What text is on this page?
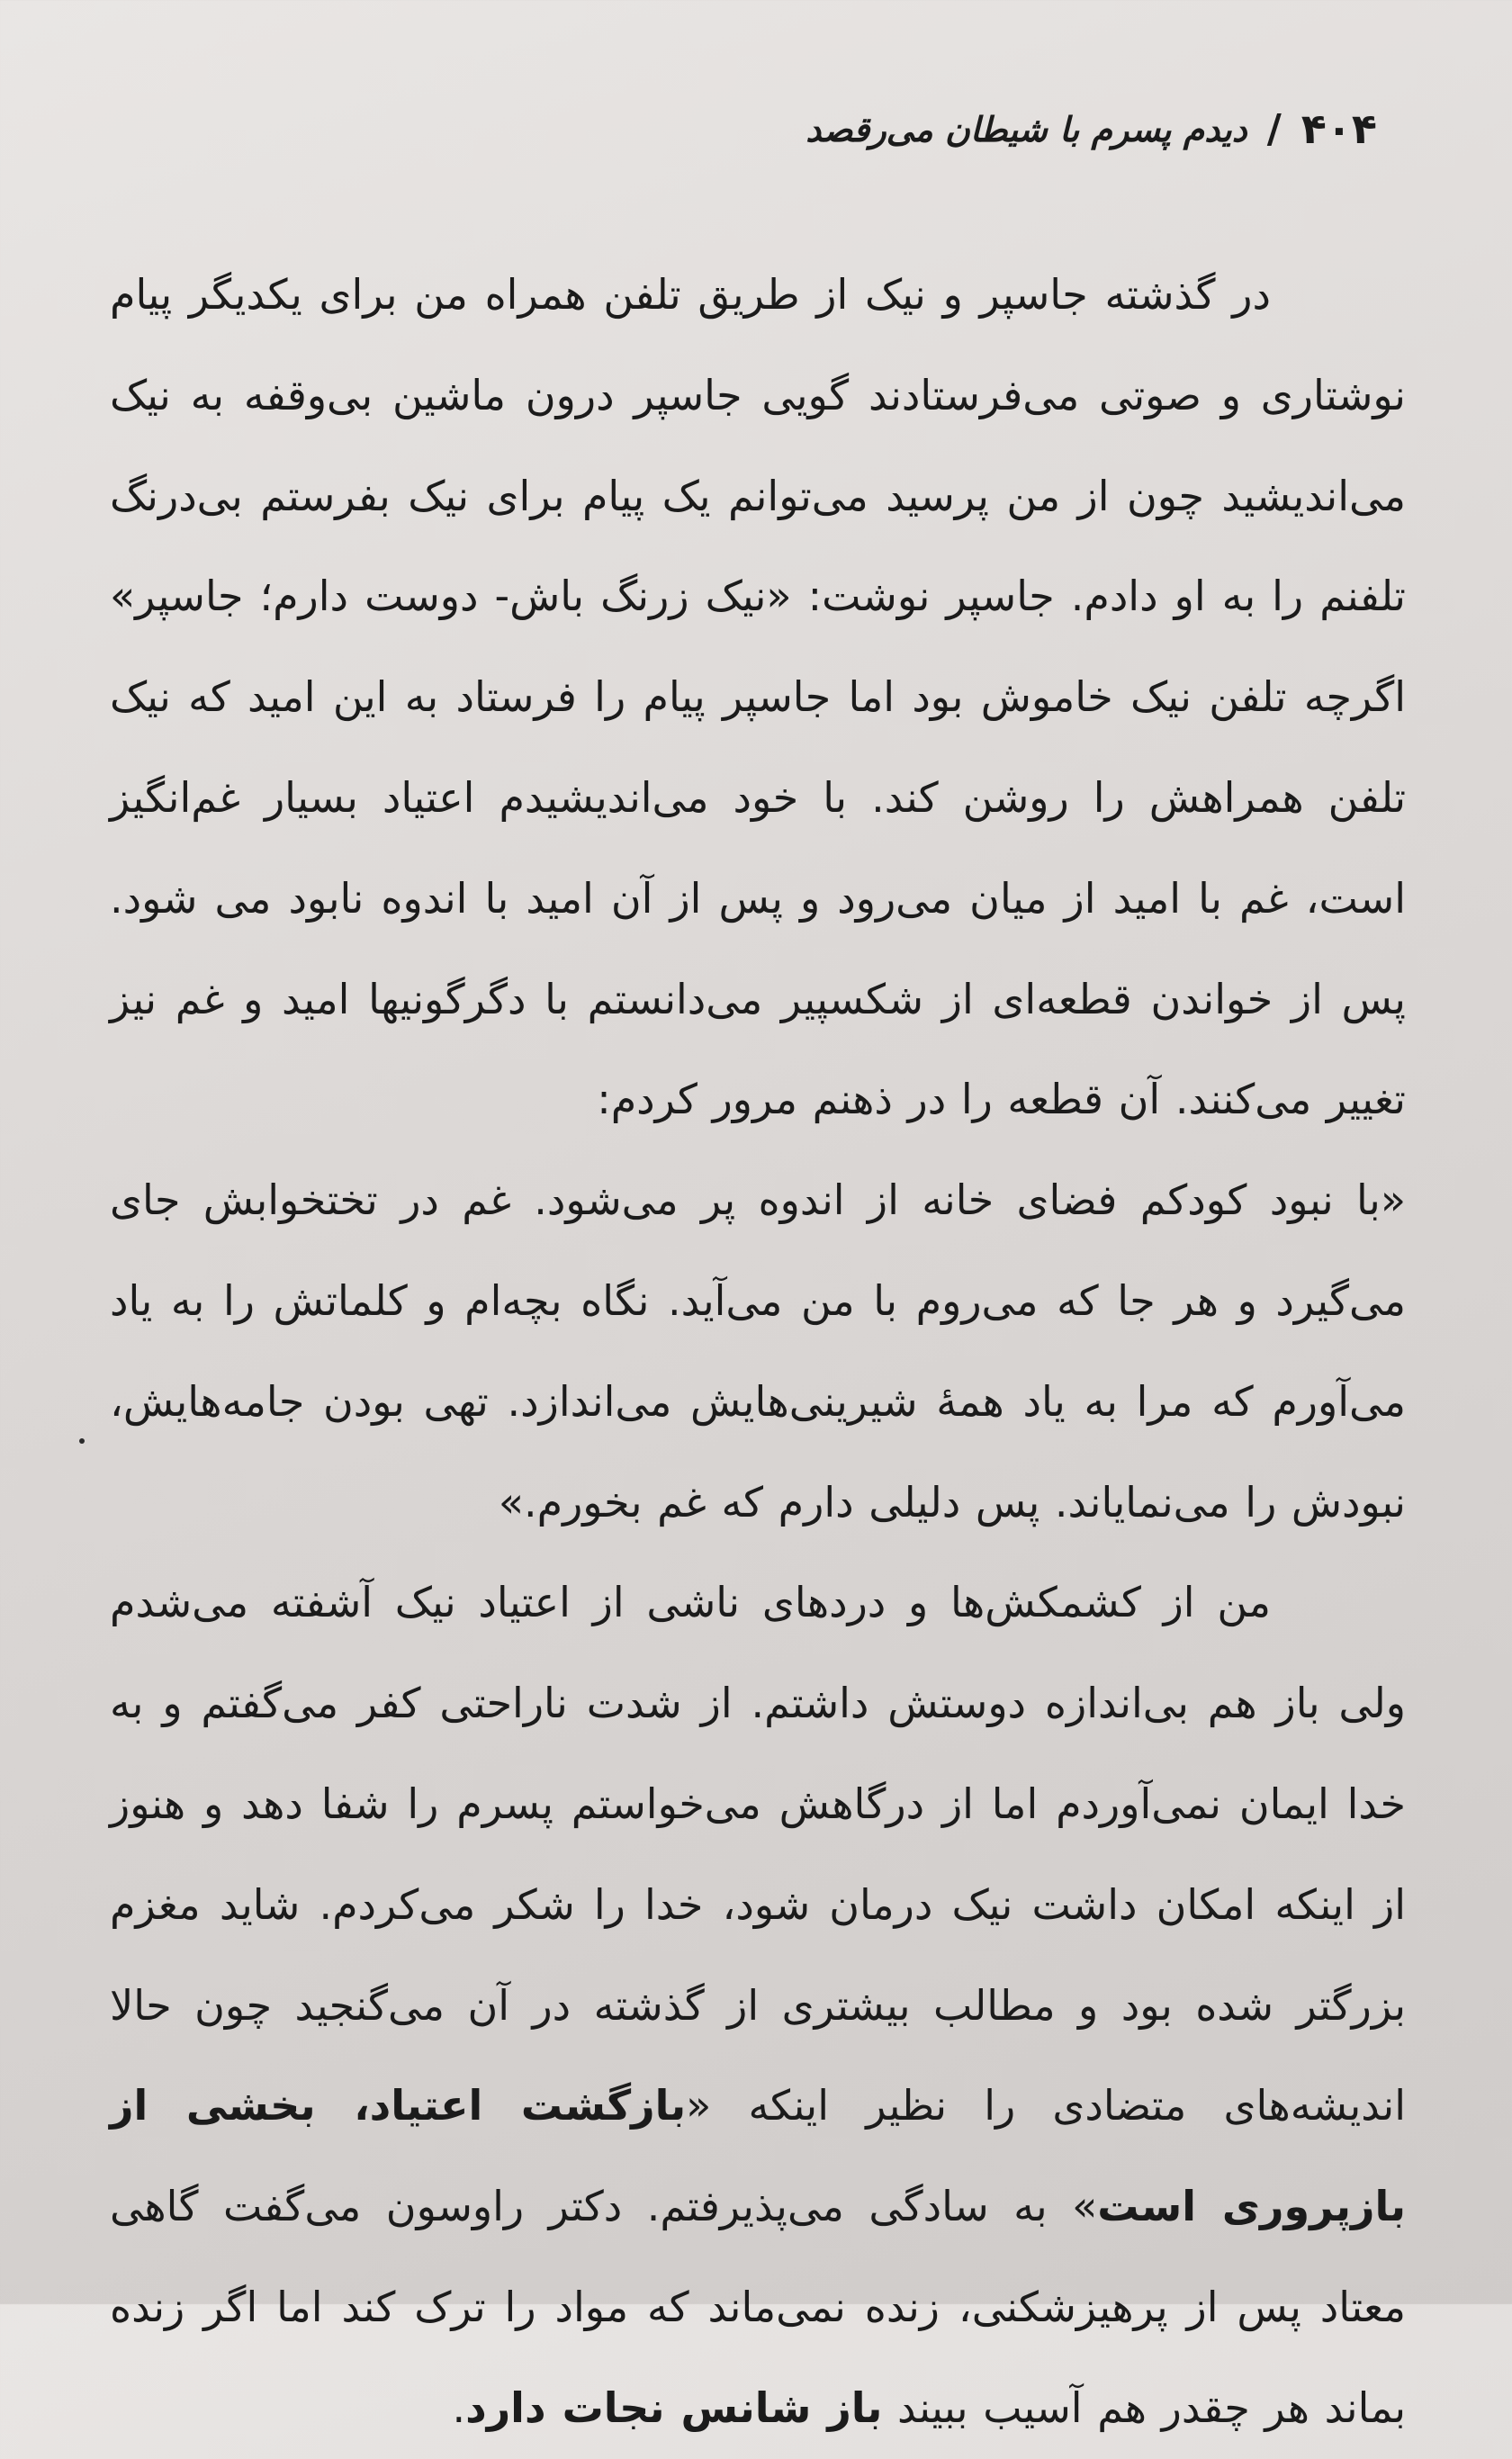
۴۰۴
/
دیدم پسرم با شیطان می‌رقصد

در گذشته جاسپر و نیک از طریق تلفن همراه من برای یکدیگر پیام نوشتاری و صوتی می‌فرستادند گویی جاسپر درون ماشین بی‌وقفه به نیک می‌اندیشید چون از من پرسید می‌توانم یک پیام برای نیک بفرستم بی‌درنگ تلفنم را به او دادم. جاسپر نوشت: «نیک زرنگ باش- دوست دارم؛ جاسپر» اگرچه تلفن نیک خاموش بود اما جاسپر پیام را فرستاد به این امید که نیک تلفن همراهش را روشن کند. با خود می‌اندیشیدم اعتیاد بسیار غم‌انگیز است، غم با امید از میان می‌رود و پس از آن امید با اندوه نابود می شود. پس از خواندن قطعه‌ای از شکسپیر می‌دانستم با دگرگونیها امید و غم نیز تغییر می‌کنند. آن قطعه را در ذهنم مرور کردم:

«با نبود کودکم فضای خانه از اندوه پر می‌شود. غم در تختخوابش جای می‌گیرد و هر جا که می‌روم با من می‌آید. نگاه بچه‌ام و کلماتش را به یاد می‌آورم که مرا به یاد همهٔ شیرینی‌هایش می‌اندازد. تهی بودن جامه‌هایش، نبودش را می‌نمایاند. پس دلیلی دارم که غم بخورم.»

من از کشمکش‌ها و دردهای ناشی از اعتیاد نیک آشفته می‌شدم ولی باز هم بی‌اندازه دوستش داشتم. از شدت ناراحتی کفر می‌گفتم و به خدا ایمان نمی‌آوردم اما از درگاهش می‌خواستم پسرم را شفا دهد و هنوز از اینکه امکان داشت نیک درمان شود، خدا را شکر می‌کردم. شاید مغزم بزرگتر شده بود و مطالب بیشتری از گذشته در آن می‌گنجید چون حالا اندیشه‌های متضادی را نظیر اینکه «بازگشت اعتیاد، بخشی از بازپروری است» به سادگی می‌پذیرفتم. دکتر راوسون می‌گفت گاهی معتاد پس از پرهیزشکنی، زنده نمی‌ماند که مواد را ترک کند اما اگر زنده بماند هر چقدر هم آسیب ببیند باز شانس نجات دارد.
